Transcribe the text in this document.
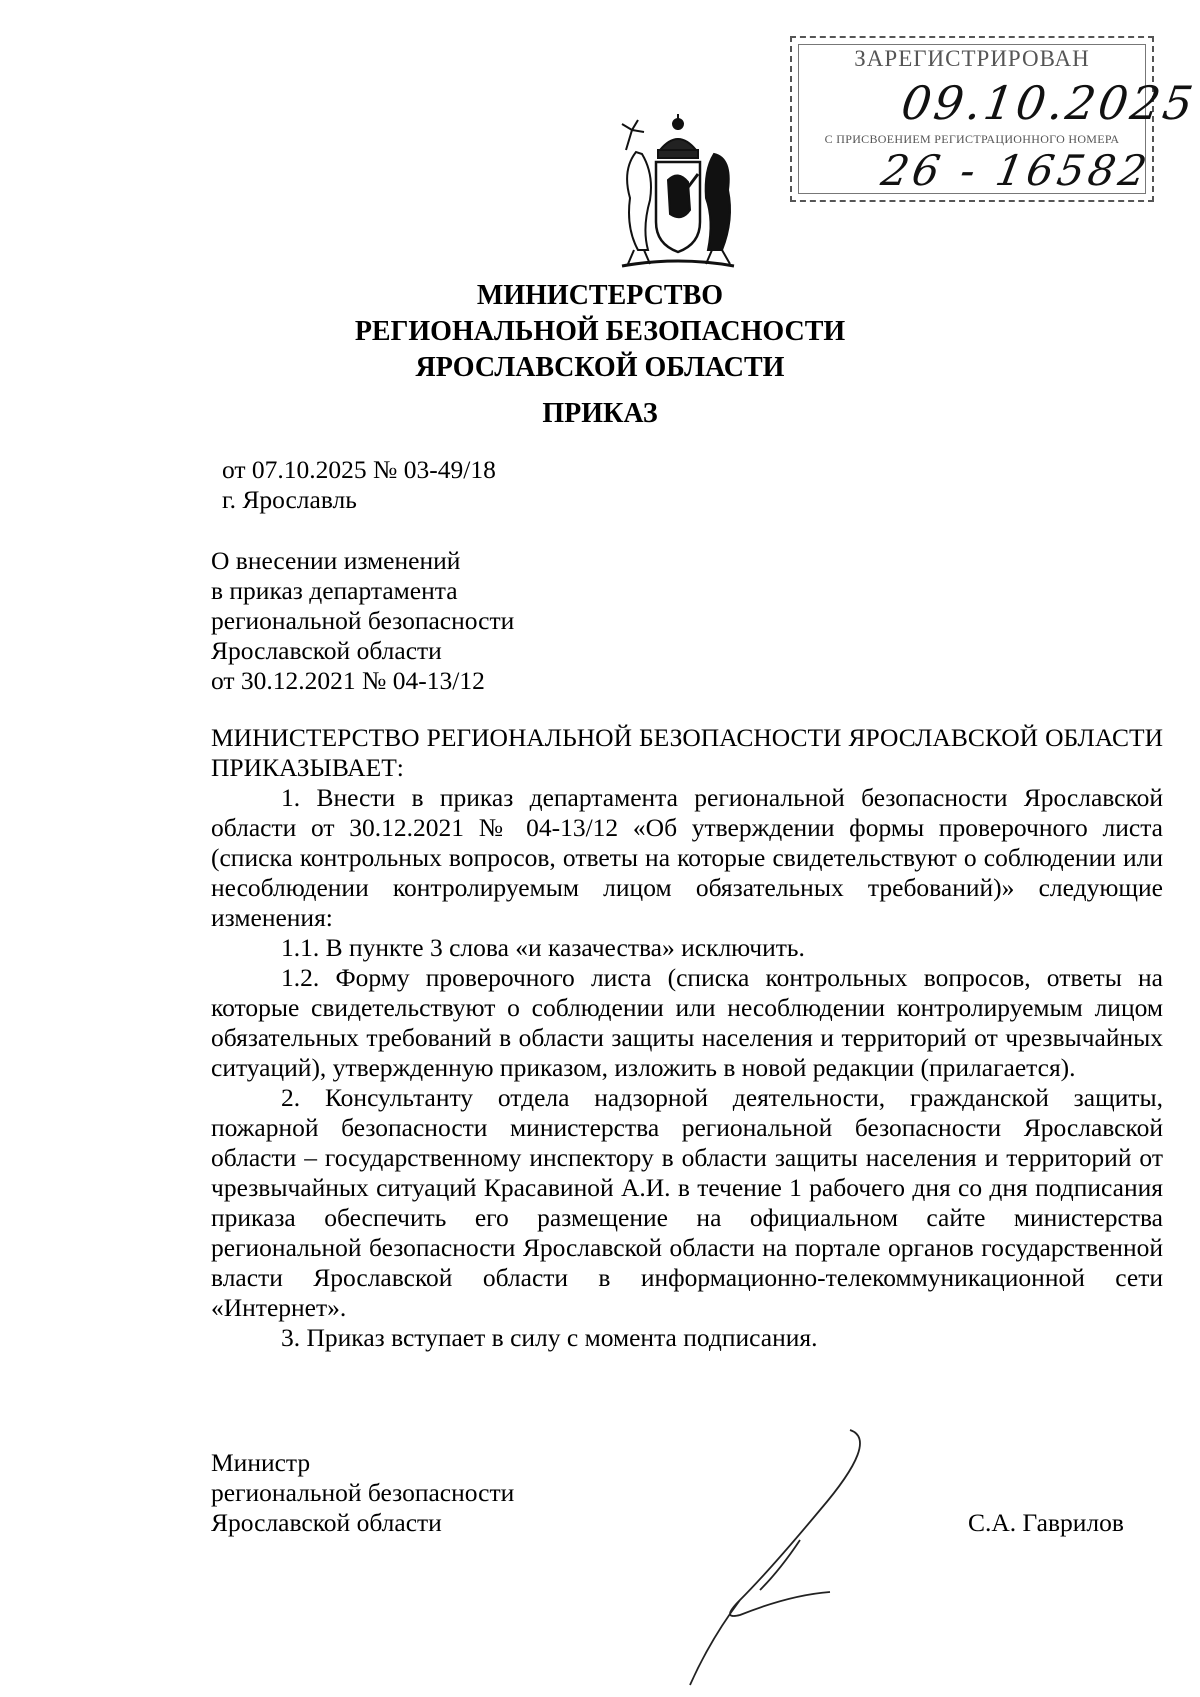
ЗАРЕГИСТРИРОВАН
09.10.2025
С ПРИСВОЕНИЕМ РЕГИСТРАЦИОННОГО НОМЕРА
26 - 16582
МИНИСТЕРСТВО
РЕГИОНАЛЬНОЙ БЕЗОПАСНОСТИ
ЯРОСЛАВСКОЙ ОБЛАСТИ
ПРИКАЗ
от 07.10.2025 № 03-49/18
г. Ярославль
О внесении изменений
в приказ департамента
региональной безопасности
Ярославской области
от 30.12.2021 № 04-13/12

МИНИСТЕРСТВО РЕГИОНАЛЬНОЙ БЕЗОПАСНОСТИ ЯРОСЛАВСКОЙ ОБЛАСТИ ПРИКАЗЫВАЕТ:

1. Внести в приказ департамента региональной безопасности Ярославской области от 30.12.2021 № 04-13/12 «Об утверждении формы проверочного листа (списка контрольных вопросов, ответы на которые свидетельствуют о соблюдении или несоблюдении контролируемым лицом обязательных требований)» следующие изменения:

1.1. В пункте 3 слова «и казачества» исключить.

1.2. Форму проверочного листа (списка контрольных вопросов, ответы на которые свидетельствуют о соблюдении или несоблюдении контролируемым лицом обязательных требований в области защиты населения и территорий от чрезвычайных ситуаций), утвержденную приказом, изложить в новой редакции (прилагается).

2. Консультанту отдела надзорной деятельности, гражданской защиты, пожарной безопасности министерства региональной безопасности Ярославской области – государственному инспектору в области защиты населения и территорий от чрезвычайных ситуаций Красавиной А.И. в течение 1 рабочего дня со дня подписания приказа обеспечить его размещение на официальном сайте министерства региональной безопасности Ярославской области на портале органов государственной власти Ярославской области в информационно-телекоммуникационной сети «Интернет».

3. Приказ вступает в силу с момента подписания.

Министр
региональной безопасности
Ярославской области	С.А. Гаврилов
